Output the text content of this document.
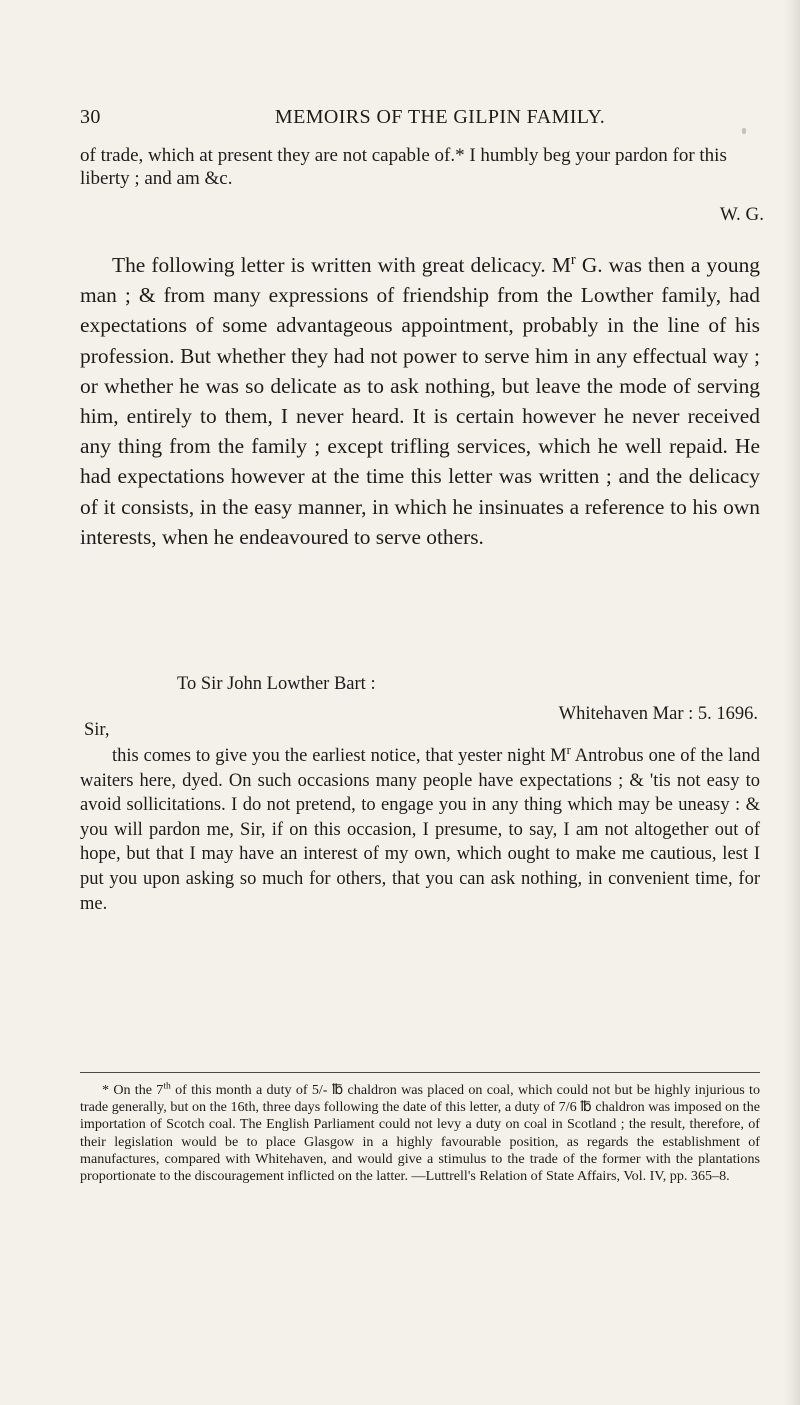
30	MEMOIRS OF THE GILPIN FAMILY.
of trade, which at present they are not capable of.* I humbly beg your pardon for this liberty ; and am &c.
W. G.
The following letter is written with great delicacy. $M^r$ G. was then a young man ; & from many expressions of friendship from the Lowther family, had expectations of some advantageous appointment, probably in the line of his profession. But whether they had not power to serve him in any effectual way ; or whether he was so delicate as to ask nothing, but leave the mode of serving him, entirely to them, I never heard. It is certain however he never received any thing from the family ; except trifling services, which he well repaid. He had expectations however at the time this letter was written ; and the delicacy of it consists, in the easy manner, in which he insinuates a reference to his own interests, when he endeavoured to serve others.
To Sir John Lowther Bart :
Whitehaven Mar : 5. 1696.
Sir,
this comes to give you the earliest notice, that yester night $M^r$ Antrobus one of the land waiters here, dyed. On such occasions many people have expectations ; & 'tis not easy to avoid sollicitations. I do not pretend, to engage you in any thing which may be uneasy : & you will pardon me, Sir, if on this occasion, I presume, to say, I am not altogether out of hope, but that I may have an interest of my own, which ought to make me cautious, lest I put you upon asking so much for others, that you can ask nothing, in convenient time, for me.
* On the 7th of this month a duty of 5/- ℔ chaldron was placed on coal, which could not but be highly injurious to trade generally, but on the 16th, three days following the date of this letter, a duty of 7/6 ℔ chaldron was imposed on the importation of Scotch coal. The English Parliament could not levy a duty on coal in Scotland ; the result, therefore, of their legislation would be to place Glasgow in a highly favourable position, as regards the establishment of manufactures, compared with Whitehaven, and would give a stimulus to the trade of the former with the plantations proportionate to the discouragement inflicted on the latter. —Luttrell's Relation of State Affairs, Vol. IV, pp. 365–8.
